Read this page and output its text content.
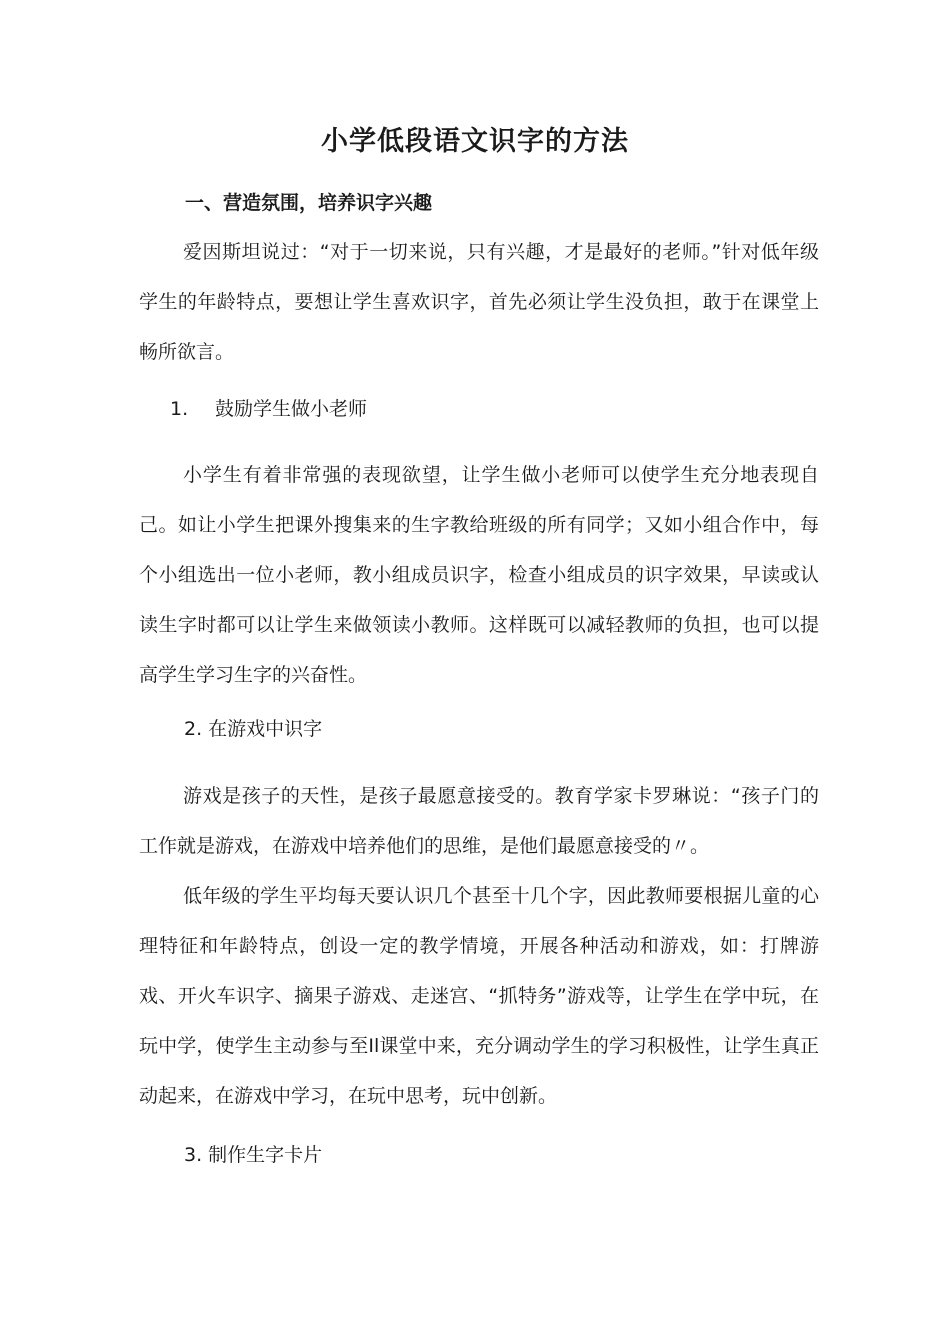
小学低段语文识字的方法
一、营造氛围，培养识字兴趣

爱因斯坦说过：“对于一切来说，只有兴趣，才是最好的老师。”针对低年级学生的年龄特点，要想让学生喜欢识字，首先必须让学生没负担，敢于在课堂上畅所欲言。

1. 鼓励学生做小老师

小学生有着非常强的表现欲望，让学生做小老师可以使学生充分地表现自己。如让小学生把课外搜集来的生字教给班级的所有同学；又如小组合作中，每个小组选出一位小老师，教小组成员识字，检查小组成员的识字效果，早读或认读生字时都可以让学生来做领读小教师。这样既可以减轻教师的负担，也可以提高学生学习生字的兴奋性。

2. 在游戏中识字

游戏是孩子的天性，是孩子最愿意接受的。教育学家卡罗琳说：“孩子门的工作就是游戏，在游戏中培养他们的思维，是他们最愿意接受的〃。

低年级的学生平均每天要认识几个甚至十几个字，因此教师要根据儿童的心理特征和年龄特点，创设一定的教学情境，开展各种活动和游戏，如：打牌游戏、开火车识字、摘果子游戏、走迷宫、“抓特务”游戏等，让学生在学中玩，在玩中学，使学生主动参与至Il课堂中来，充分调动学生的学习积极性，让学生真正动起来，在游戏中学习，在玩中思考，玩中创新。

3. 制作生字卡片
